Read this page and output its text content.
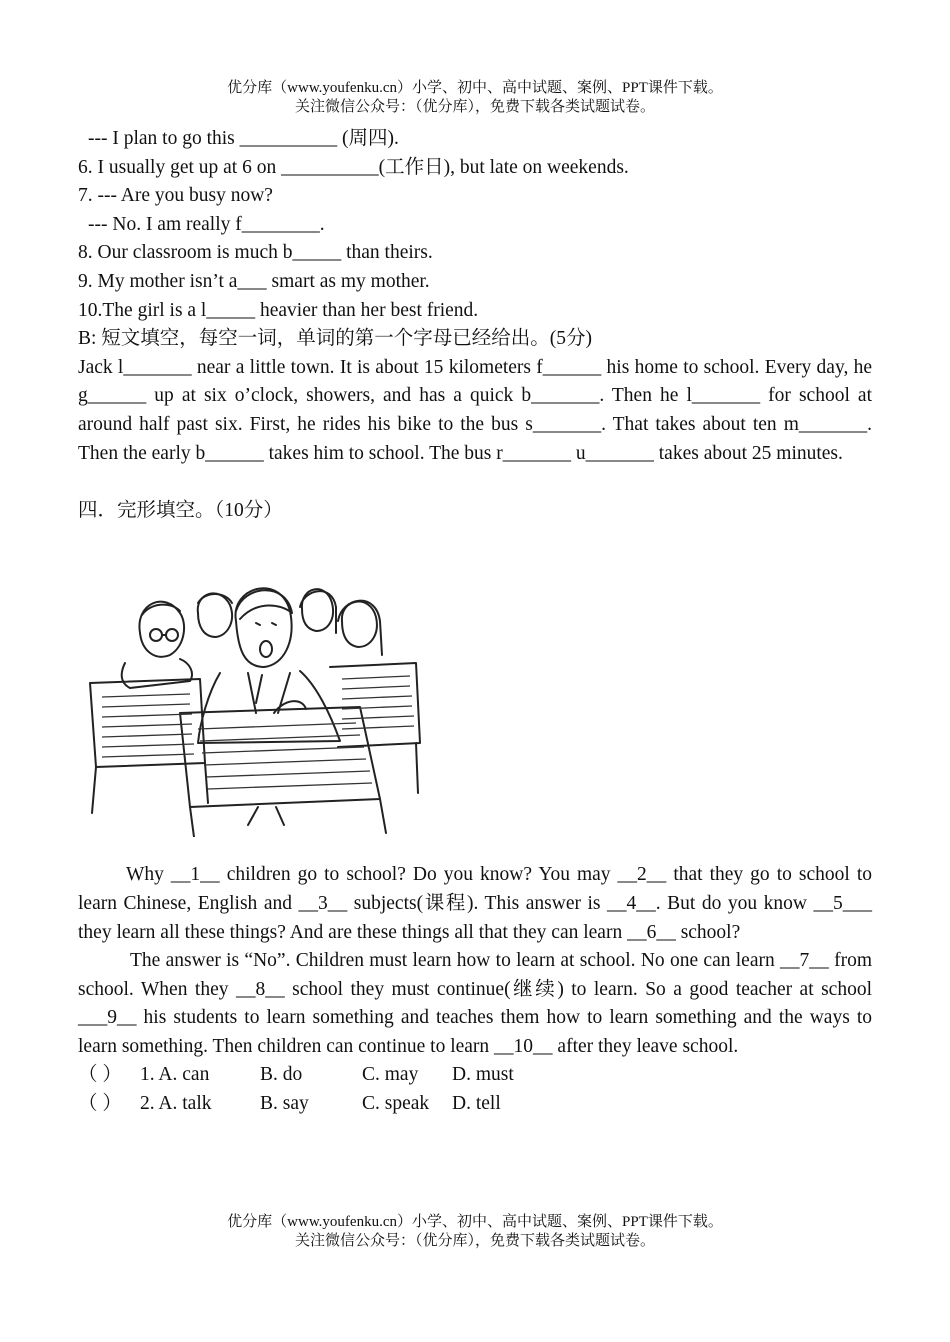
优分库（www.youfenku.cn）小学、初中、高中试题、案例、PPT课件下载。
关注微信公众号：（优分库），免费下载各类试题试卷。
--- I plan to go this __________ (周四).
6. I usually get up at 6 on __________(工作日), but late on weekends.
7. --- Are you busy now?
--- No. I am really f________.
8. Our classroom is much b_____ than theirs.
9. My mother isn’t a___ smart as my mother.
10.The girl is a l_____ heavier than her best friend.
B: 短文填空，每空一词，单词的第一个字母已经给出。(5分)
Jack l_______ near a little town. It is about 15 kilometers f______ his home to school. Every day, he g______ up at six o’clock, showers, and has a quick b_______. Then he l_______ for school at around half past six. First, he rides his bike to the bus s_______. That takes about ten m_______. Then the early b______ takes him to school. The bus r_______ u_______ takes about 25 minutes.
四．完形填空。（10分）
Why __1__ children go to school? Do you know? You may __2__ that they go to school to learn Chinese, English and __3__ subjects(课程). This answer is __4__. But do you know __5___ they learn all these things? And are these things all that they can learn __6__ school?
The answer is “No”. Children must learn how to learn at school. No one can learn __7__ from school. When they __8__ school they must continue(继续) to learn. So a good teacher at school ___9__ his students to learn something and teaches them how to learn something and the ways to learn something. Then children can continue to learn __10__ after they leave school.
（ ） 1. A. can	B. do	C. may D. must
（ ） 2. A. talk B. say	C. speak D. tell
优分库（www.youfenku.cn）小学、初中、高中试题、案例、PPT课件下载。
关注微信公众号：（优分库），免费下载各类试题试卷。
